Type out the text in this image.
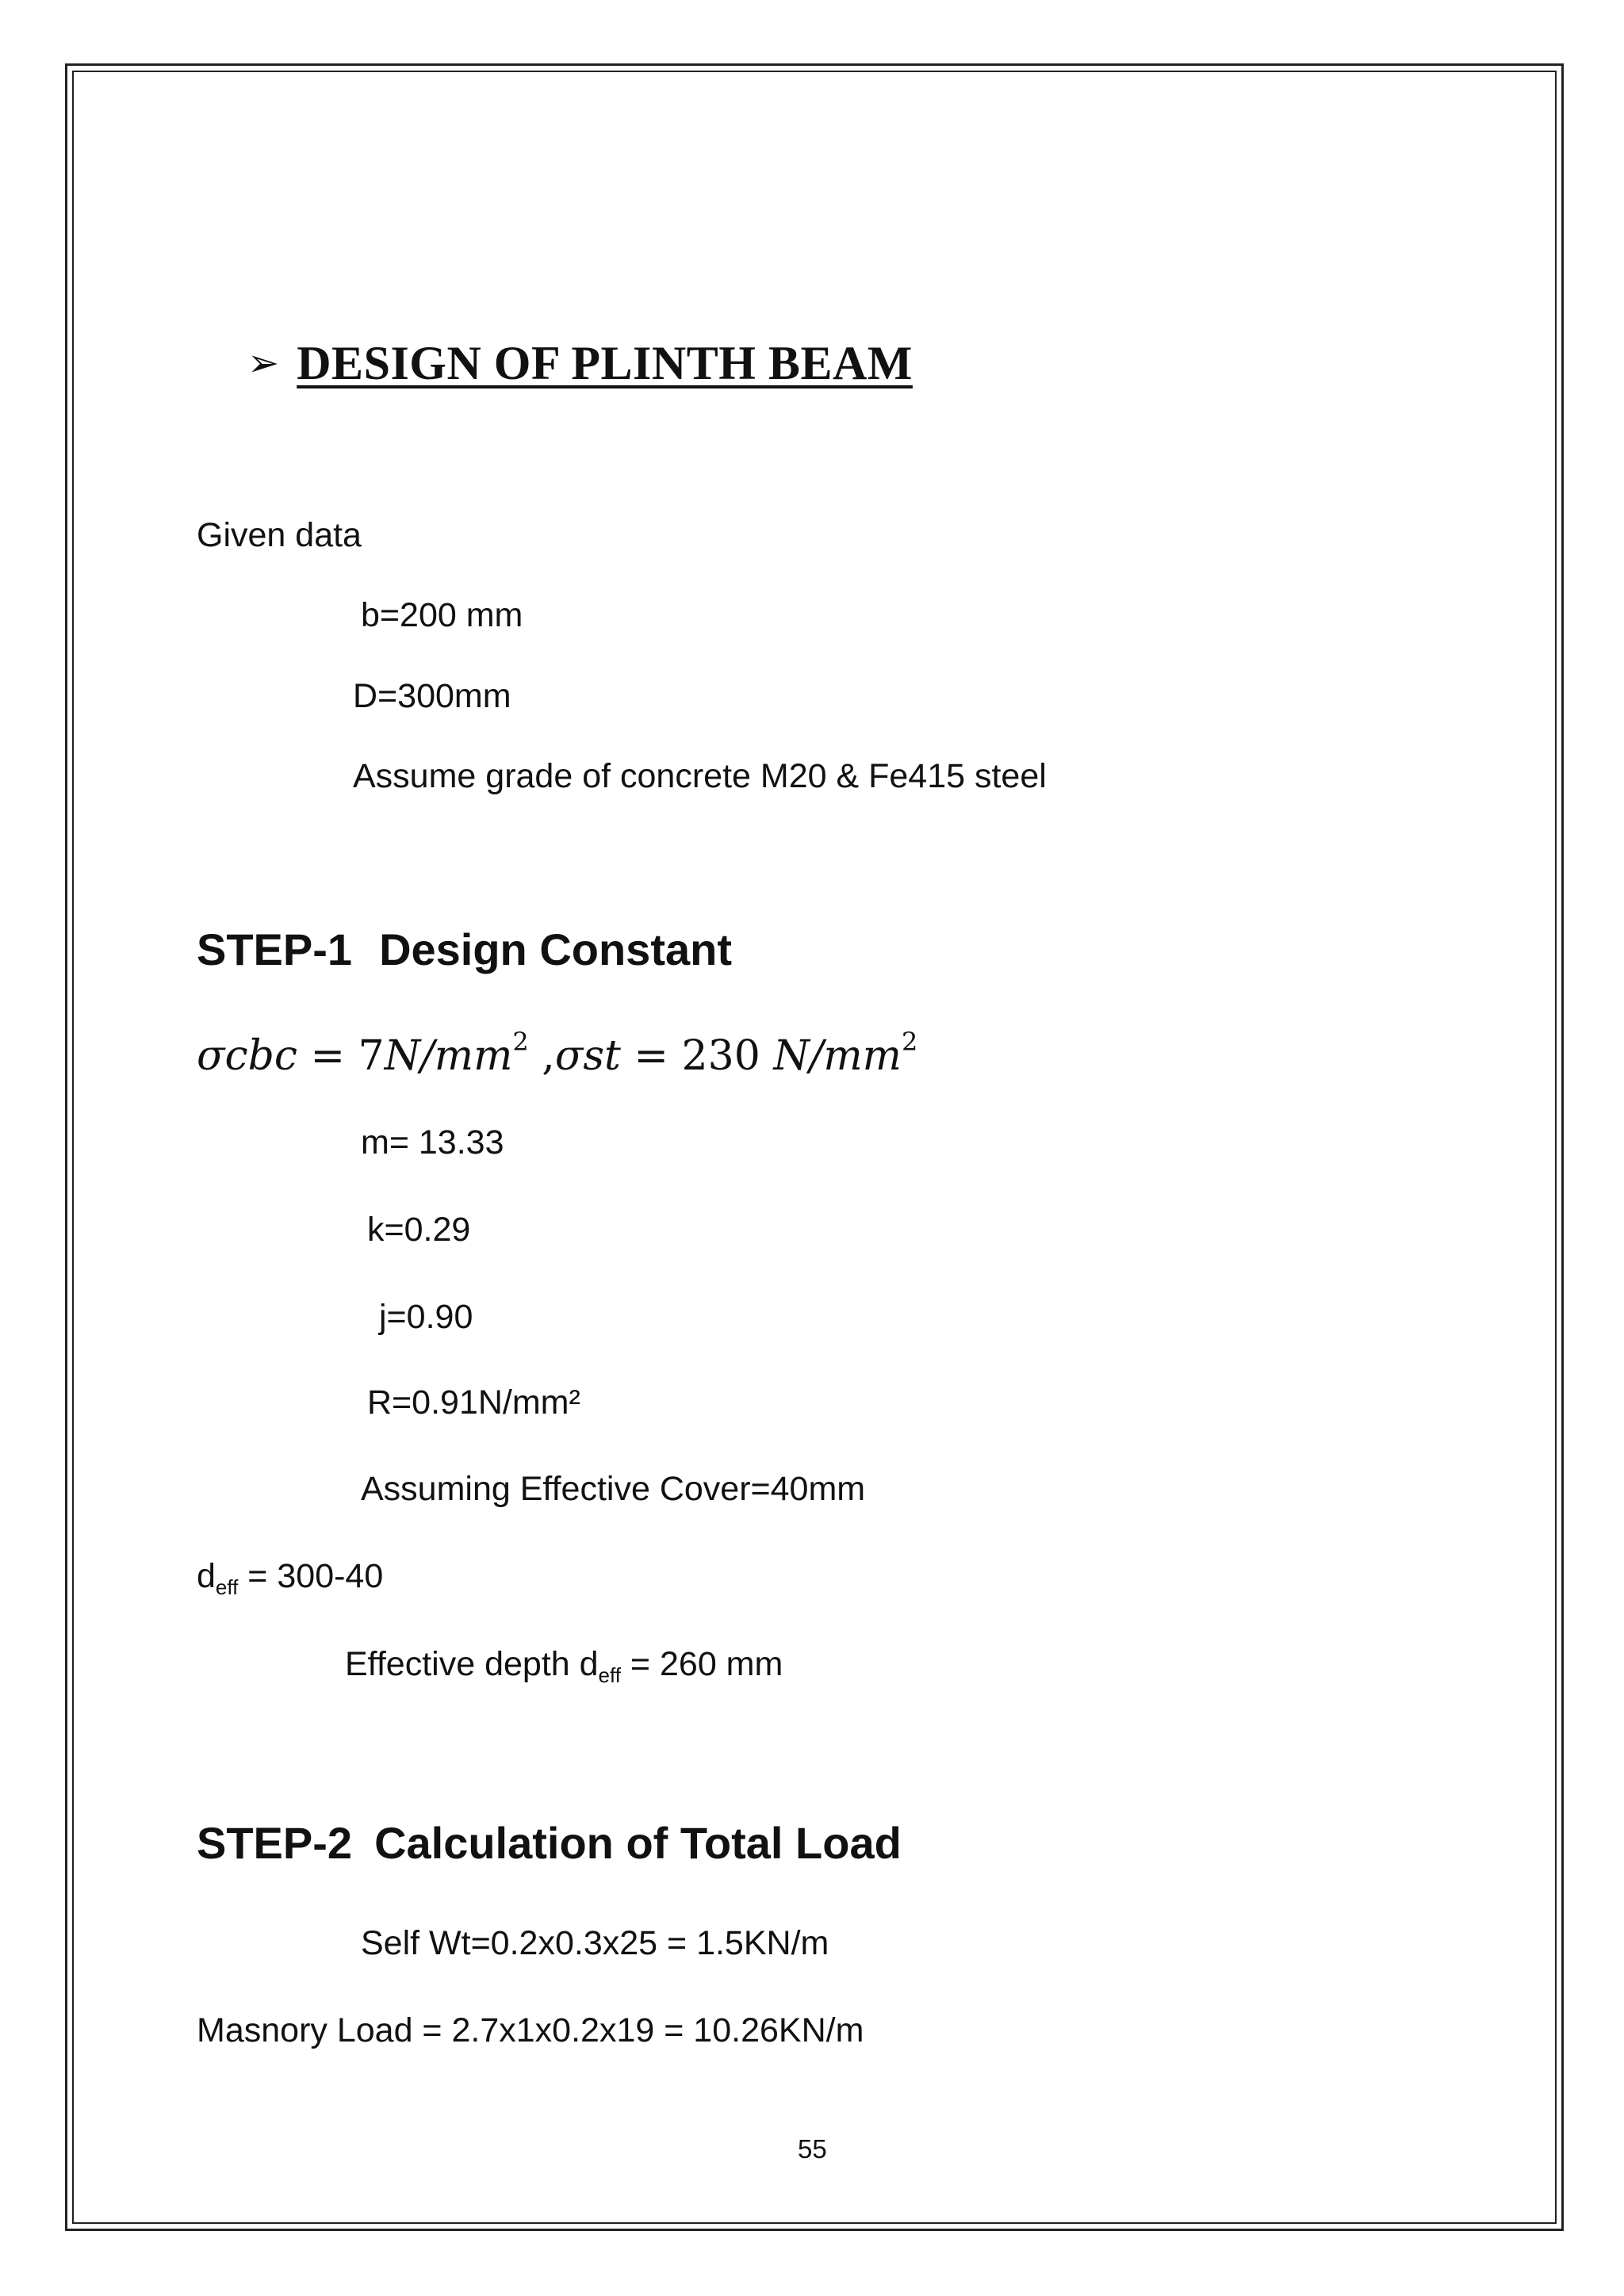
➢ DESIGN OF PLINTH BEAM
Given data
b=200 mm
D=300mm
Assume grade of concrete M20 & Fe415 steel
STEP-1 Design Constant
$\sigma cbc = 7N/mm^2$ ,σst = 230 $N/mm^2$
m= 13.33
k=0.29
j=0.90
R=0.91N/mm²
Assuming Effective Cover=40mm
$d_{eff} = 300-40$
Effective depth $d_{eff} = 260$ mm
STEP-2 Calculation of Total Load
Self Wt=0.2x0.3x25 = 1.5KN/m
Masnory Load = 2.7x1x0.2x19 = 10.26KN/m
55
